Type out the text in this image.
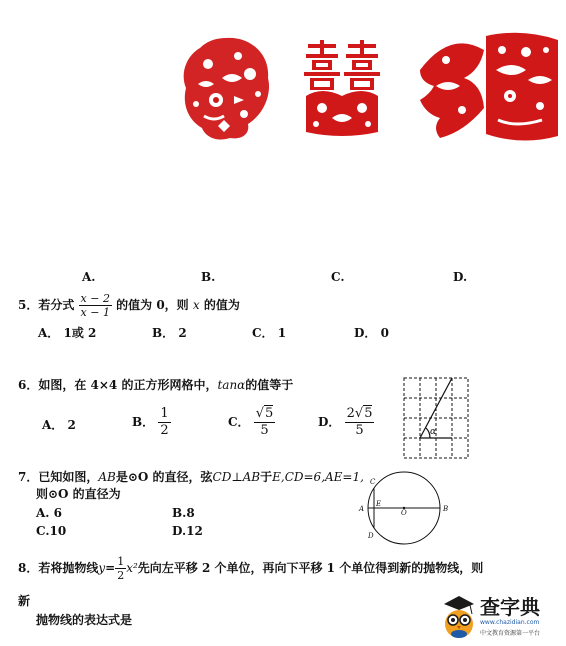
A.	B.	C.	D.
5．若分式 $\frac{x - 2}{x - 1}$ 的值为 0，则 x 的值为
A． 1或 2	B． 2	C． 1	D． 0
6．如图，在 4×4 的正方形网格中，tanα的值等于
A． 2	B． $\frac{1}{2}$	C． $\frac{√5}{5}$	D． $\frac{2√5}{5}$	α
7．已知如图，AB是⊙O 的直径，弦CD⊥AB于E,CD=6,AE=1,
则⊙O 的直径为
A. 6	B.8
C.10	D.12
A	B
C
D
E
O
8．若将抛物线$y= \frac{1}{2} x^2$先向左平移 2 个单位，再向下平移 1 个单位得到新的抛物线，则
新
抛物线的表达式是
查字典
www.chazidian.com
中文教育资源第一平台
